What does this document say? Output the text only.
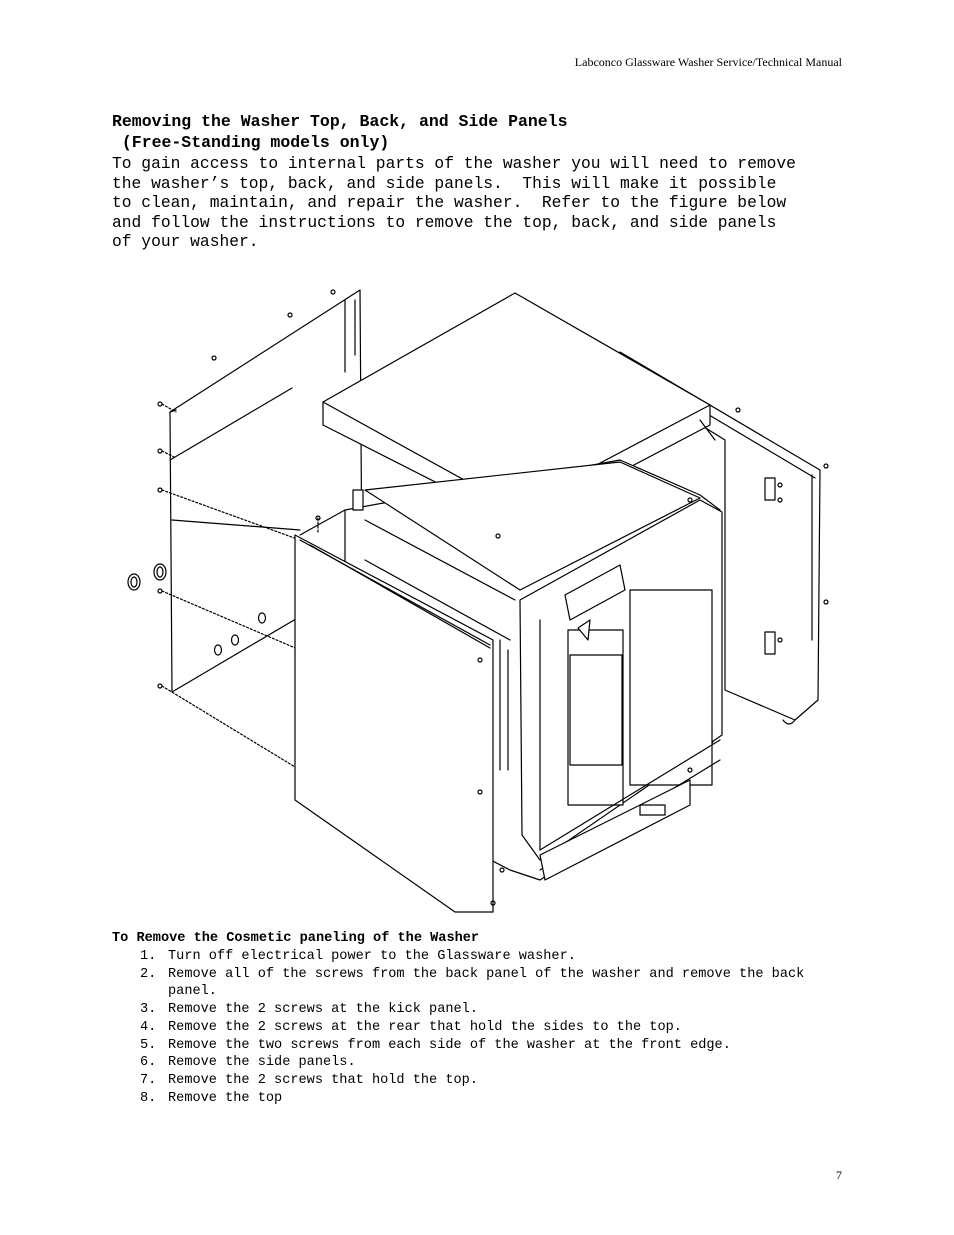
Labconco Glassware Washer Service/Technical Manual
Removing the Washer Top, Back, and Side Panels
(Free-Standing models only)

To gain access to internal parts of the washer you will need to remove
the washer’s top, back, and side panels.  This will make it possible
to clean, maintain, and repair the washer.  Refer to the figure below
and follow the instructions to remove the top, back, and side panels
of your washer.

To Remove the Cosmetic paneling of the Washer

1. Turn off electrical power to the Glassware washer.
2. Remove all of the screws from the back panel of the washer and remove the back panel.
3. Remove the 2 screws at the kick panel.
4. Remove the 2 screws at the rear that hold the sides to the top.
5. Remove the two screws from each side of the washer at the front edge.
6. Remove the side panels.
7. Remove the 2 screws that hold the top.
8. Remove the top
7
